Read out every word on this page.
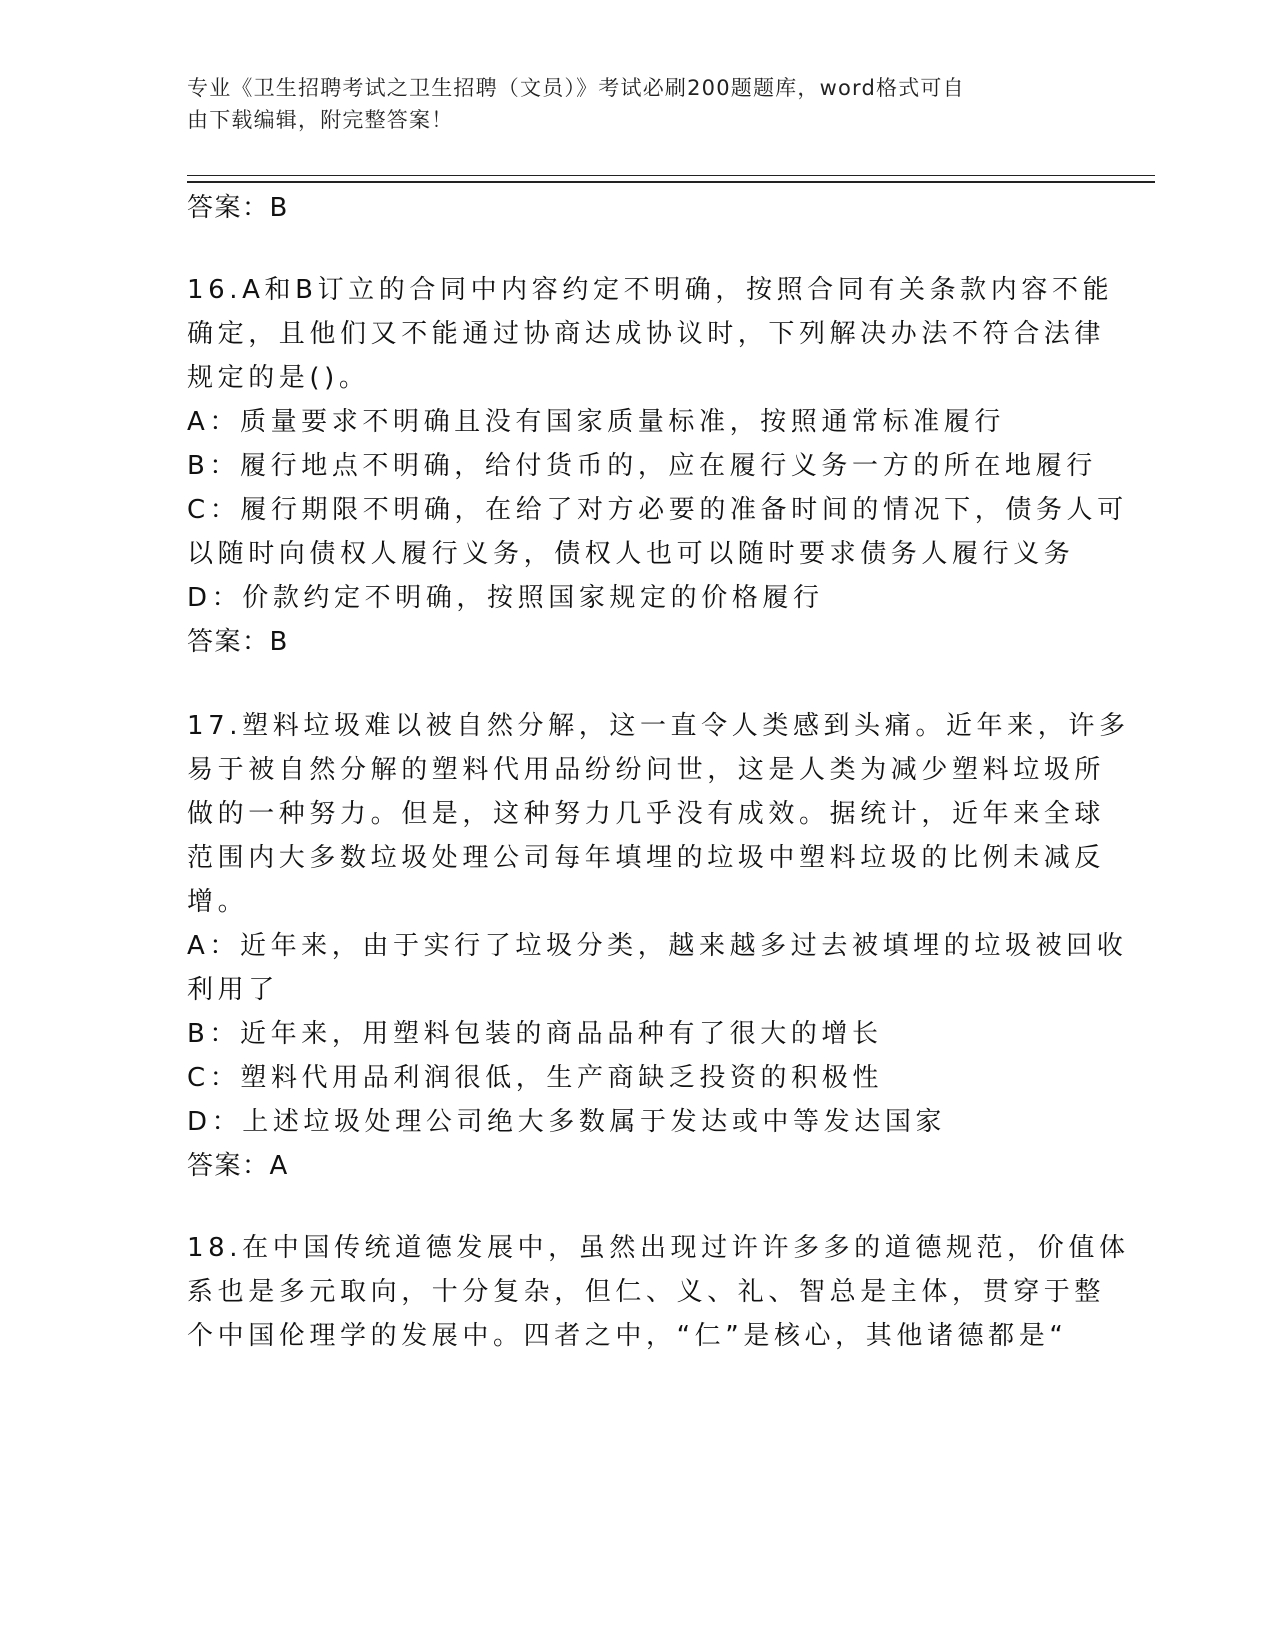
专业《卫生招聘考试之卫生招聘（文员）》考试必刷200题题库，word格式可自
由下载编辑，附完整答案！
答案：B
16.A和B订立的合同中内容约定不明确，按照合同有关条款内容不能
确定，且他们又不能通过协商达成协议时，下列解决办法不符合法律
规定的是()。
A：质量要求不明确且没有国家质量标准，按照通常标准履行
B：履行地点不明确，给付货币的，应在履行义务一方的所在地履行
C：履行期限不明确，在给了对方必要的准备时间的情况下，债务人可
以随时向债权人履行义务，债权人也可以随时要求债务人履行义务
D：价款约定不明确，按照国家规定的价格履行
答案：B
17.塑料垃圾难以被自然分解，这一直令人类感到头痛。近年来，许多
易于被自然分解的塑料代用品纷纷问世，这是人类为减少塑料垃圾所
做的一种努力。但是，这种努力几乎没有成效。据统计，近年来全球
范围内大多数垃圾处理公司每年填埋的垃圾中塑料垃圾的比例未减反
增。
A：近年来，由于实行了垃圾分类，越来越多过去被填埋的垃圾被回收
利用了
B：近年来，用塑料包装的商品品种有了很大的增长
C：塑料代用品利润很低，生产商缺乏投资的积极性
D：上述垃圾处理公司绝大多数属于发达或中等发达国家
答案：A
18.在中国传统道德发展中，虽然出现过许许多多的道德规范，价值体
系也是多元取向，十分复杂，但仁、义、礼、智总是主体，贯穿于整
个中国伦理学的发展中。四者之中，“仁”是核心，其他诸德都是“
